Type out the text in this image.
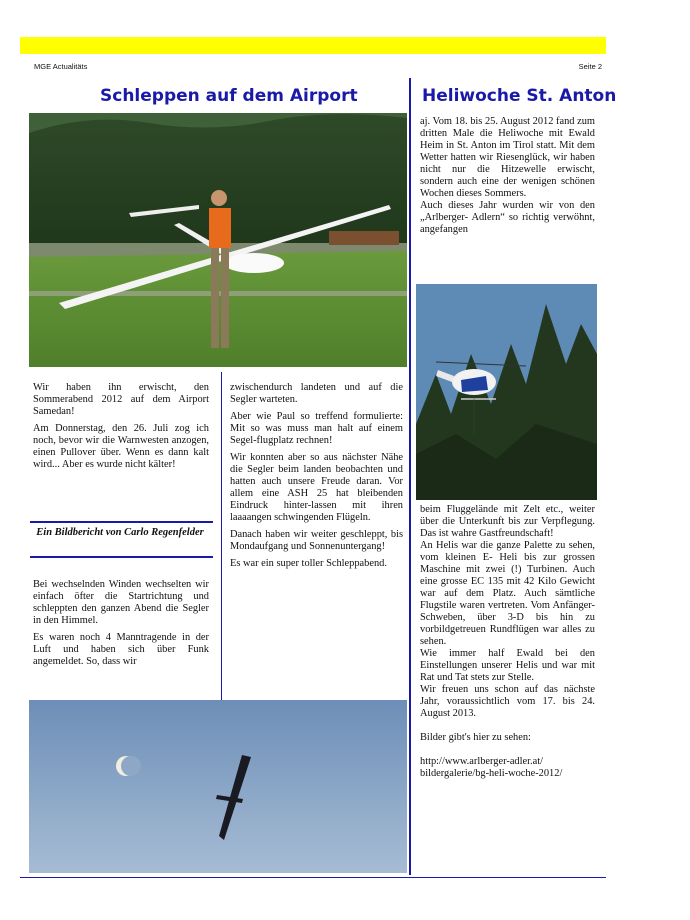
MGE Actualitäts	Seite 2
Schleppen auf dem Airport	Heliwoche St. Anton

Wir haben ihn erwischt, den Sommerabend 2012 auf dem Airport Samedan!

Am Donnerstag, den 26. Juli zog ich noch, bevor wir die Warnwesten anzogen, einen Pullover über. Wenn es dann kalt wird... Aber es wurde nicht kälter!

Ein Bildbericht von Carlo Regenfelder

Bei wechselnden Winden wechselten wir einfach öfter die Startrichtung und schleppten den ganzen Abend die Segler in den Himmel.

Es waren noch 4 Manntragende in der Luft und haben sich über Funk angemeldet. So, dass wir

zwischendurch landeten und auf die Segler warteten.

Aber wie Paul so treffend formulierte: Mit so was muss man halt auf einem Segel-flugplatz rechnen!

Wir konnten aber so aus nächster Nähe die Segler beim landen beobachten und hatten auch unsere Freude daran. Vor allem eine ASH 25 hat bleibenden Eindruck hinter-lassen mit ihren laaaangen schwingenden Flügeln.

Danach haben wir weiter geschleppt, bis Mondaufgang und Sonnenuntergang!

Es war ein super toller Schleppabend.

aj. Vom 18. bis 25. August 2012 fand zum dritten Male die Heliwoche mit Ewald Heim in St. Anton im Tirol statt. Mit dem Wetter hatten wir Riesenglück, wir haben nicht nur die Hitzewelle erwischt, sondern auch eine der wenigen schönen Wochen dieses Sommers.

Auch dieses Jahr wurden wir von den „Arlberger- Adlern“ so richtig verwöhnt, angefangen

beim Fluggelände mit Zelt etc., weiter über die Unterkunft bis zur Verpflegung. Das ist wahre Gastfreundschaft!

An Helis war die ganze Palette zu sehen, vom kleinen E- Heli bis zur grossen Maschine mit zwei (!) Turbinen. Auch eine grosse EC 135 mit 42 Kilo Gewicht war auf dem Platz. Auch sämtliche Flugstile waren vertreten. Vom Anfänger- Schweben, über 3-D bis hin zu vorbildgetreuen Rundflügen war alles zu sehen.

Wie immer half Ewald bei den Einstellungen unserer Helis und war mit Rat und Tat stets zur Stelle.

Wir freuen uns schon auf das nächste Jahr, voraussichtlich vom 17. bis 24. August 2013.

Bilder gibt's hier zu sehen:

http://www.arlberger-adler.at/

bildergalerie/bg-heli-woche-2012/
